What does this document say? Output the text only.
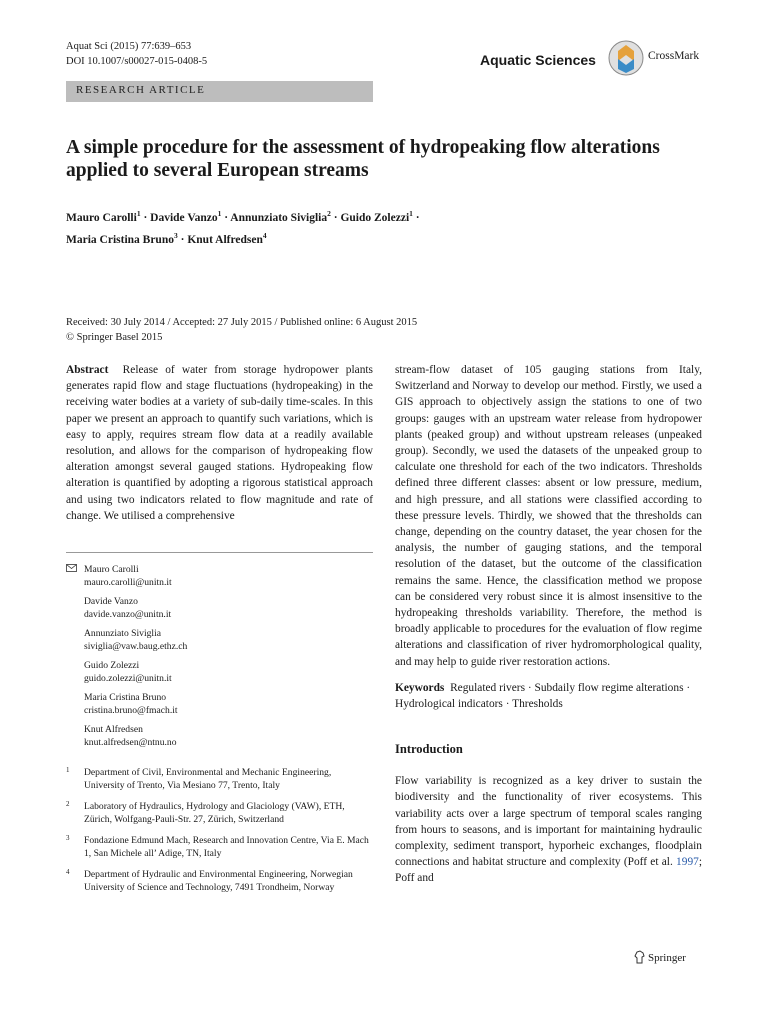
Aquat Sci (2015) 77:639–653
DOI 10.1007/s00027-015-0408-5	Aquatic Sciences	CrossMark
RESEARCH ARTICLE
A simple procedure for the assessment of hydropeaking flow alterations applied to several European streams
Mauro Carolli$^1$ · Davide Vanzo$^1$ · Annunziato Siviglia$^2$ · Guido Zolezzi$^1$ ·
Maria Cristina Bruno$^3$ · Knut Alfredsen$^4$
Received: 30 July 2014 / Accepted: 27 July 2015 / Published online: 6 August 2015
© Springer Basel 2015

Abstract Release of water from storage hydropower plants generates rapid flow and stage fluctuations (hydropeaking) in the receiving water bodies at a variety of sub-daily time-scales. In this paper we present an approach to quantify such variations, which is easy to apply, requires stream flow data at a readily available resolution, and allows for the comparison of hydropeaking flow alteration amongst several gauged stations. Hydropeaking flow alteration is quantified by adopting a rigorous statistical approach and using two indicators related to flow magnitude and rate of change. We utilised a comprehensive

Mauro Carolli
mauro.carolli@unitn.it
Davide Vanzo
davide.vanzo@unitn.it
Annunziato Siviglia
siviglia@vaw.baug.ethz.ch
Guido Zolezzi
guido.zolezzi@unitn.it
Maria Cristina Bruno
cristina.bruno@fmach.it
Knut Alfredsen
knut.alfredsen@ntnu.no
1 Department of Civil, Environmental and Mechanic Engineering, University of Trento, Via Mesiano 77, Trento, Italy
2 Laboratory of Hydraulics, Hydrology and Glaciology (VAW), ETH, Zürich, Wolfgang-Pauli-Str. 27, Zürich, Switzerland
3 Fondazione Edmund Mach, Research and Innovation Centre, Via E. Mach 1, San Michele all’ Adige, TN, Italy
4 Department of Hydraulic and Environmental Engineering, Norwegian University of Science and Technology, 7491 Trondheim, Norway

stream-flow dataset of 105 gauging stations from Italy, Switzerland and Norway to develop our method. Firstly, we used a GIS approach to objectively assign the stations to one of two groups: gauges with an upstream water release from hydropower plants (peaked group) and without upstream releases (unpeaked group). Secondly, we used the datasets of the unpeaked group to calculate one threshold for each of the two indicators. Thresholds defined three different classes: absent or low pressure, medium, and high pressure, and all stations were classified according to these pressure levels. Thirdly, we showed that the thresholds can change, depending on the country dataset, the year chosen for the analysis, the number of gauging stations, and the temporal resolution of the dataset, but the outcome of the classification remains the same. Hence, the classification method we propose can be considered very robust since it is almost insensitive to the hydropeaking thresholds variability. Therefore, the method is broadly applicable to procedures for the evaluation of flow regime alterations and classification of river hydromorphological quality, and may help to guide river restoration actions.

Keywords Regulated rivers · Subdaily flow regime alterations · Hydrological indicators · Thresholds

Introduction

Flow variability is recognized as a key driver to sustain the biodiversity and the functionality of river ecosystems. This variability acts over a large spectrum of temporal scales ranging from hours to seasons, and is important for maintaining hydraulic complexity, sediment transport, hyporheic exchanges, floodplain connections and habitat structure and complexity (Poff et al. 1997; Poff and

Springer
